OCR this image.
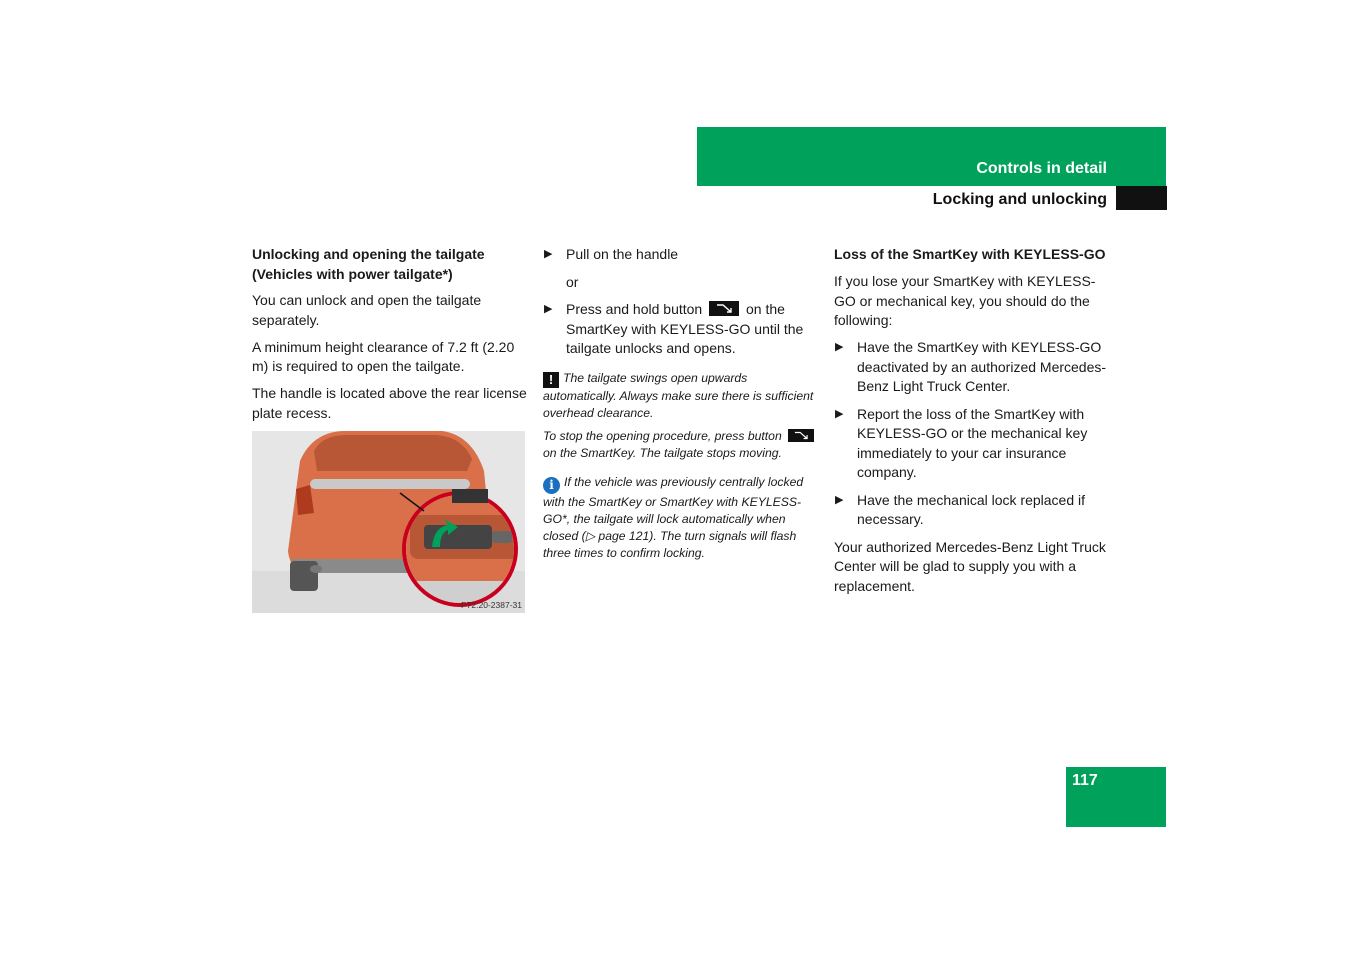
Controls in detail
Locking and unlocking

Unlocking and opening the tailgate
(Vehicles with power tailgate*)

You can unlock and open the tailgate separately.

A minimum height clearance of 7.2 ft (2.20 m) is required to open the tailgate.

The handle is located above the rear license plate recess.

P72.20-2387-31
▶ Pull on the handle
or
▶ Press and hold button	on the SmartKey with KEYLESS-GO until the tailgate unlocks and opens.
! The tailgate swings open upwards automatically. Always make sure there is sufficient overhead clearance.
To stop the opening procedure, press button
on the SmartKey. The tailgate stops moving.
i If the vehicle was previously centrally locked with the SmartKey or SmartKey with KEYLESS-GO*, the tailgate will lock automatically when closed (▷ page 121). The turn signals will flash three times to confirm locking.

Loss of the SmartKey with KEYLESS-GO

If you lose your SmartKey with KEYLESS-GO or mechanical key, you should do the following:

▶ Have the SmartKey with KEYLESS-GO deactivated by an authorized Mercedes-Benz Light Truck Center.
▶ Report the loss of the SmartKey with KEYLESS-GO or the mechanical key immediately to your car insurance company.
▶ Have the mechanical lock replaced if necessary.

Your authorized Mercedes-Benz Light Truck Center will be glad to supply you with a replacement.

117
